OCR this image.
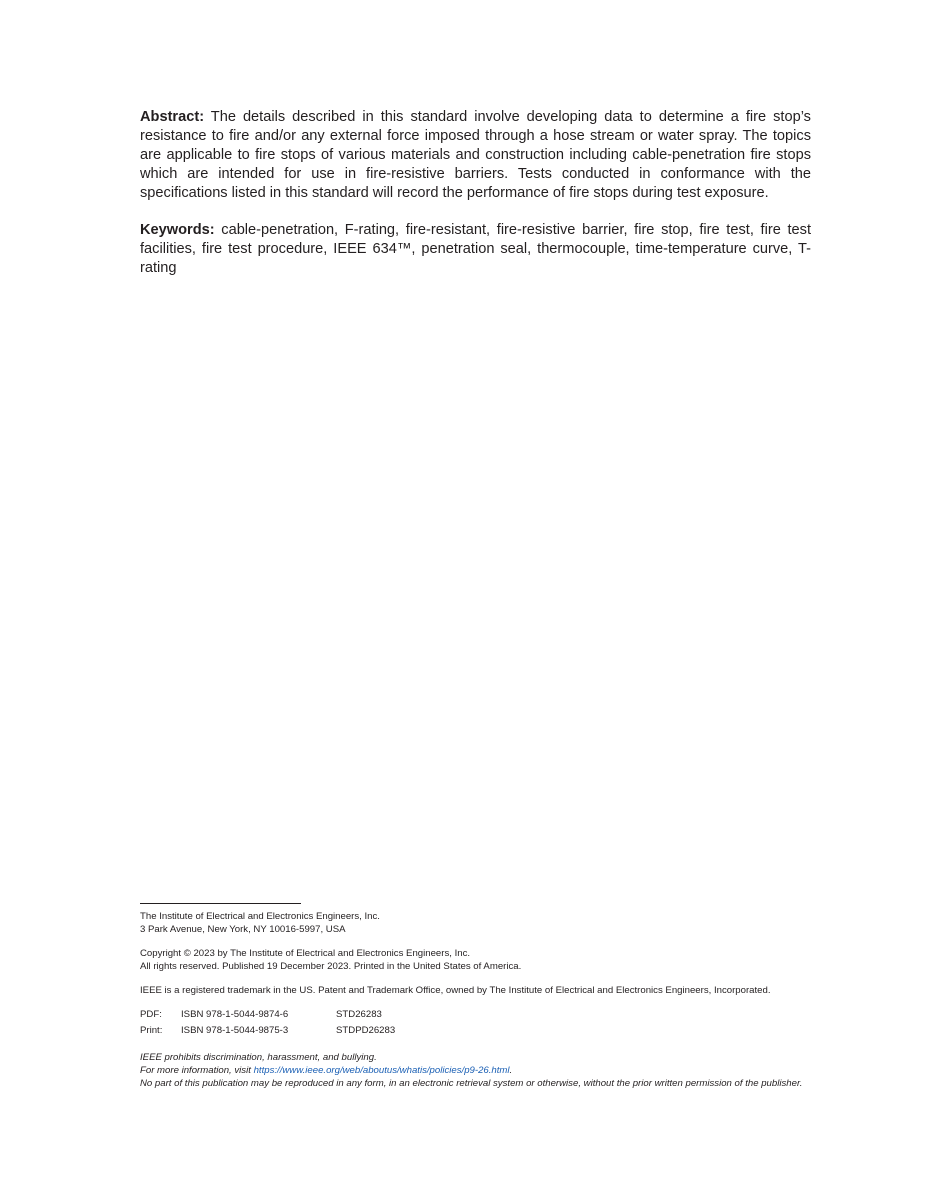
Abstract: The details described in this standard involve developing data to determine a fire stop’s resistance to fire and/or any external force imposed through a hose stream or water spray. The topics are applicable to fire stops of various materials and construction including cable-penetration fire stops which are intended for use in fire-resistive barriers. Tests conducted in conformance with the specifications listed in this standard will record the performance of fire stops during test exposure.

Keywords: cable-penetration, F-rating, fire-resistant, fire-resistive barrier, fire stop, fire test, fire test facilities, fire test procedure, IEEE 634™, penetration seal, thermocouple, time-temperature curve, T-rating

The Institute of Electrical and Electronics Engineers, Inc.
3 Park Avenue, New York, NY 10016-5997, USA

Copyright © 2023 by The Institute of Electrical and Electronics Engineers, Inc.
All rights reserved. Published 19 December 2023. Printed in the United States of America.

IEEE is a registered trademark in the US. Patent and Trademark Office, owned by The Institute of Electrical and Electronics Engineers, Incorporated.

PDF:	ISBN 978-1-5044-9874-6	STD26283
Print:	ISBN 978-1-5044-9875-3	STDPD26283

IEEE prohibits discrimination, harassment, and bullying.
For more information, visit https://www.ieee.org/web/aboutus/whatis/policies/p9-26.html.
No part of this publication may be reproduced in any form, in an electronic retrieval system or otherwise, without the prior written permission of the publisher.
